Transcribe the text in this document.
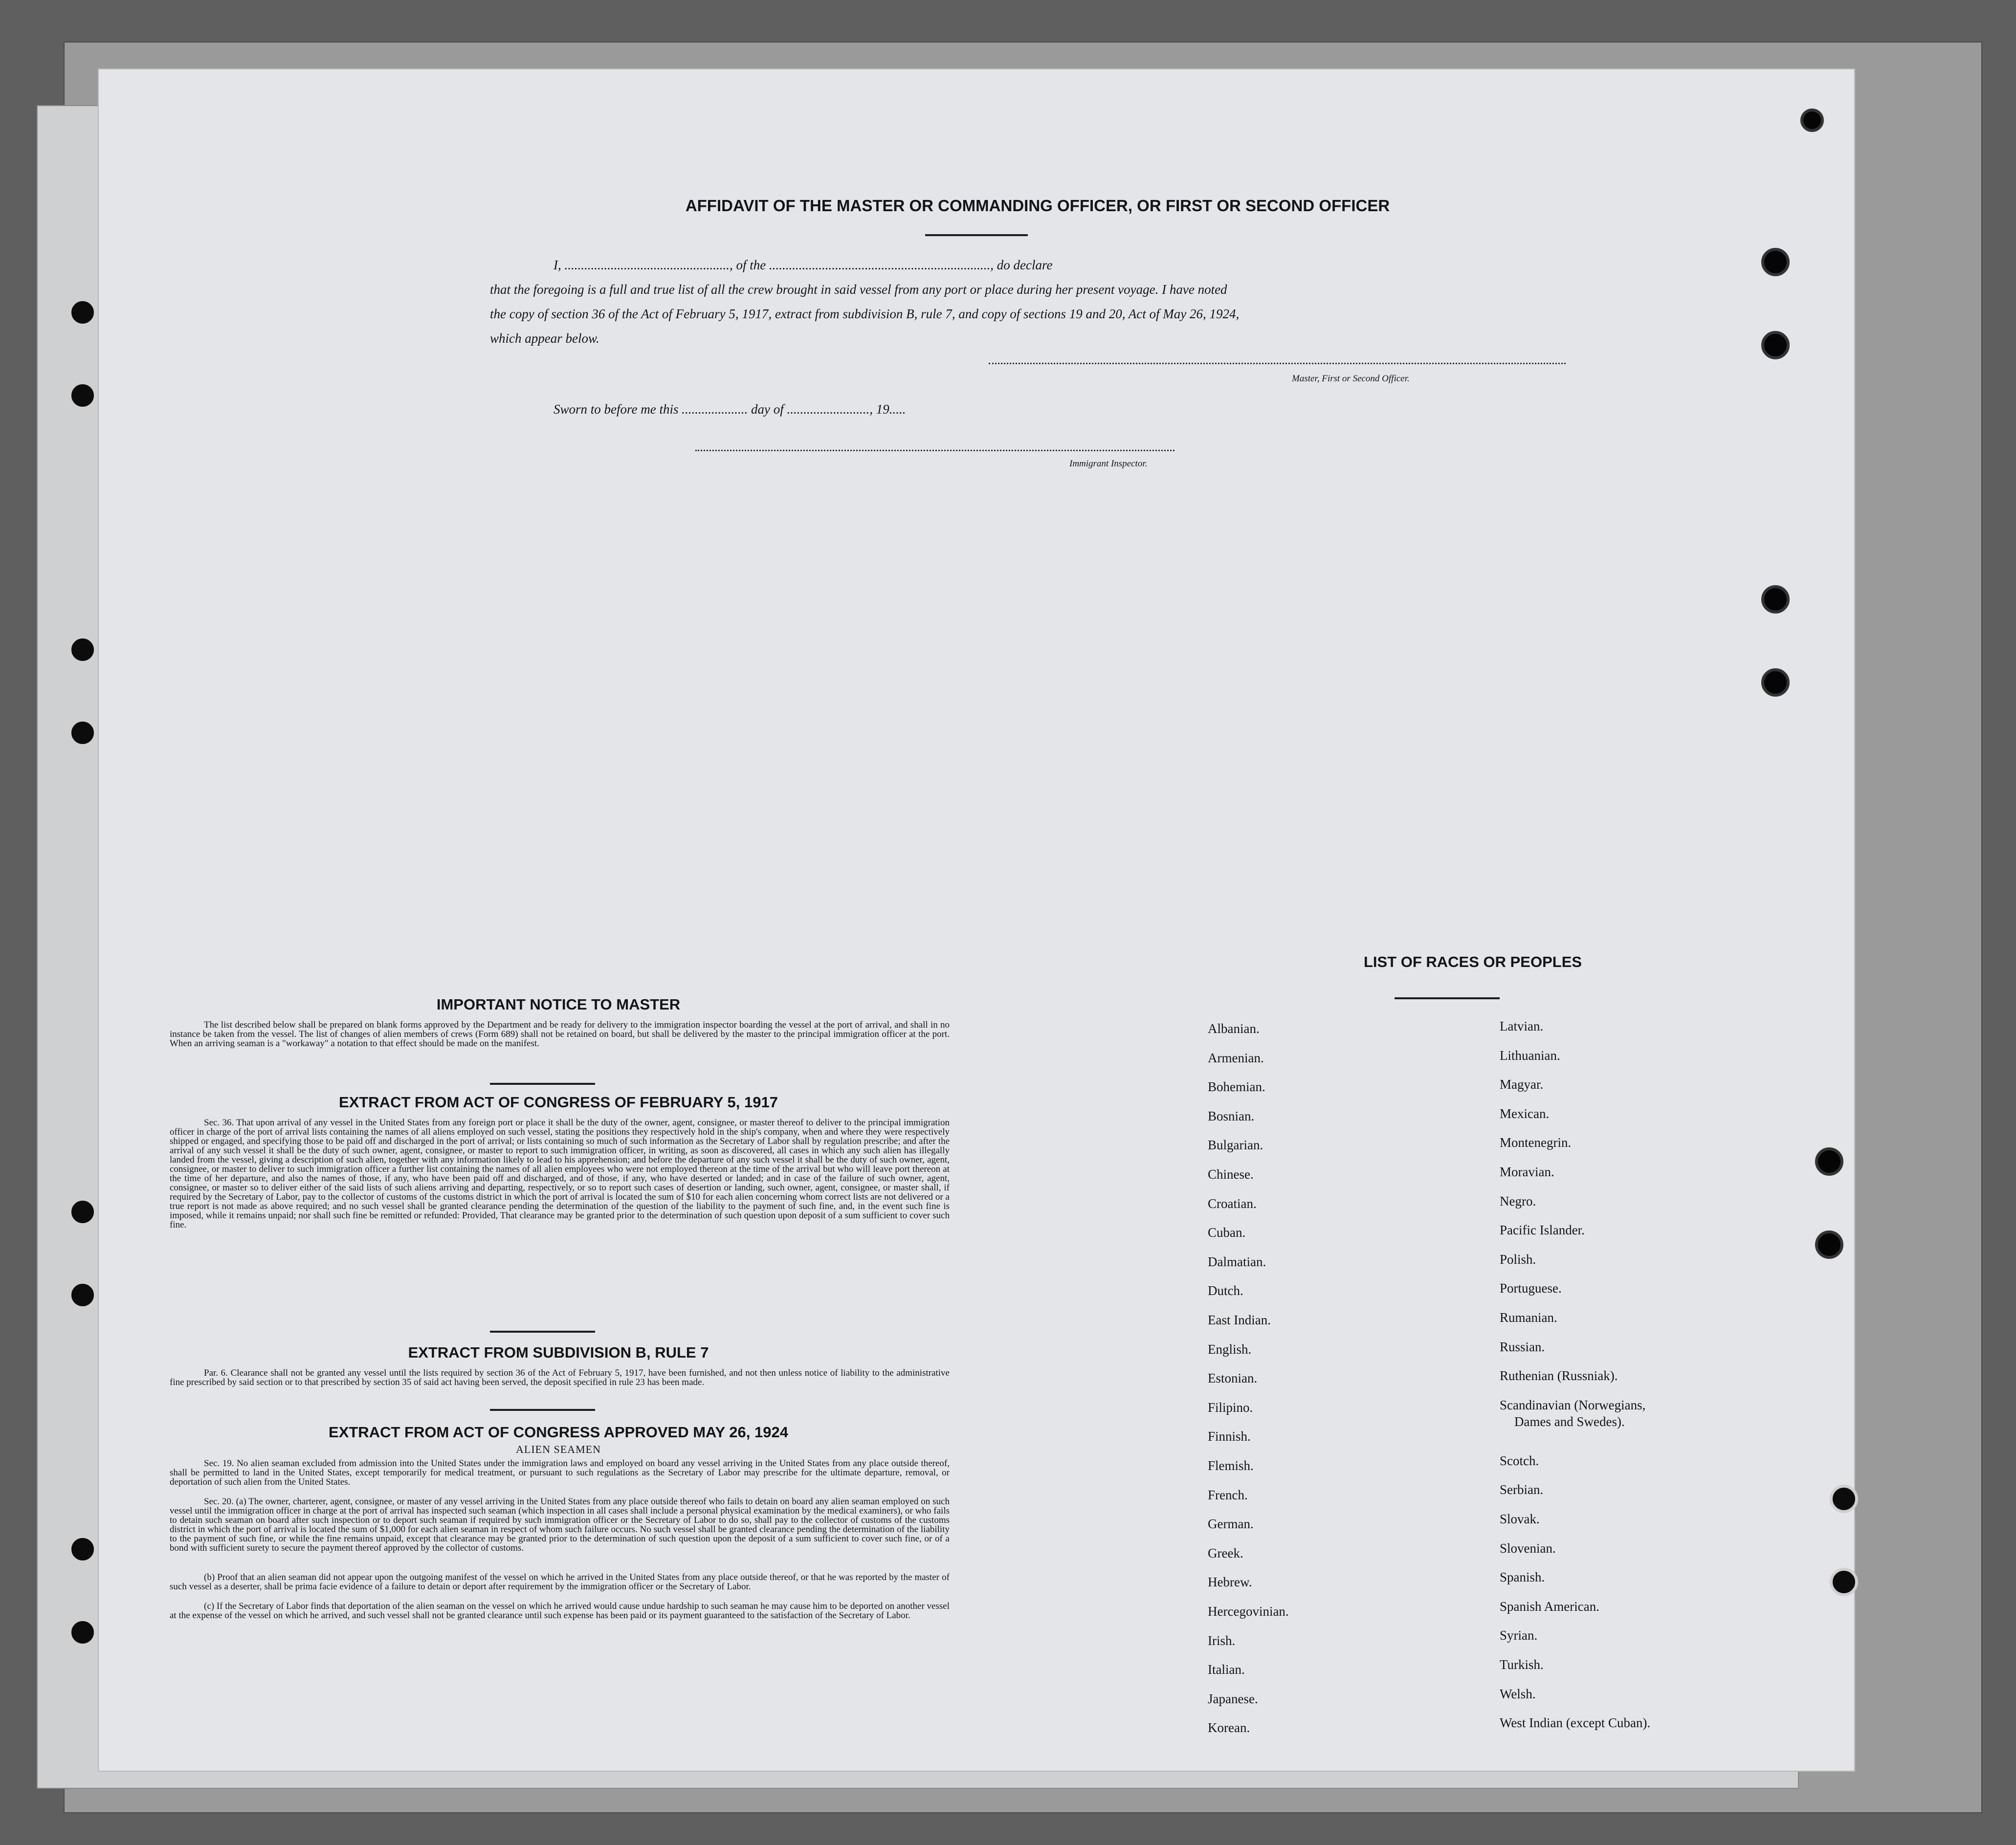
AFFIDAVIT OF THE MASTER OR COMMANDING OFFICER, OR FIRST OR SECOND OFFICER
I, .................................................., of the ..................................................................., do declare
that the foregoing is a full and true list of all the crew brought in said vessel from any port or place during her present voyage. I have noted
the copy of section 36 of the Act of February 5, 1917, extract from subdivision B, rule 7, and copy of sections 19 and 20, Act of May 26, 1924,
which appear below.
Master, First or Second Officer.
Sworn to before me this .................... day of ........................., 19.....
Immigrant Inspector.
IMPORTANT NOTICE TO MASTER

The list described below shall be prepared on blank forms approved by the Department and be ready for delivery to the immigration inspector boarding the vessel at the port of arrival, and shall in no instance be taken from the vessel. The list of changes of alien members of crews (Form 689) shall not be retained on board, but shall be delivered by the master to the principal immigration officer at the port. When an arriving seaman is a "workaway" a notation to that effect should be made on the manifest.

EXTRACT FROM ACT OF CONGRESS OF FEBRUARY 5, 1917

Sec. 36. That upon arrival of any vessel in the United States from any foreign port or place it shall be the duty of the owner, agent, consignee, or master thereof to deliver to the principal immigration officer in charge of the port of arrival lists containing the names of all aliens employed on such vessel, stating the positions they respectively hold in the ship's company, when and where they were respectively shipped or engaged, and specifying those to be paid off and discharged in the port of arrival; or lists containing so much of such information as the Secretary of Labor shall by regulation prescribe; and after the arrival of any such vessel it shall be the duty of such owner, agent, consignee, or master to report to such immigration officer, in writing, as soon as discovered, all cases in which any such alien has illegally landed from the vessel, giving a description of such alien, together with any information likely to lead to his apprehension; and before the departure of any such vessel it shall be the duty of such owner, agent, consignee, or master to deliver to such immigration officer a further list containing the names of all alien employees who were not employed thereon at the time of the arrival but who will leave port thereon at the time of her departure, and also the names of those, if any, who have been paid off and discharged, and of those, if any, who have deserted or landed; and in case of the failure of such owner, agent, consignee, or master so to deliver either of the said lists of such aliens arriving and departing, respectively, or so to report such cases of desertion or landing, such owner, agent, consignee, or master shall, if required by the Secretary of Labor, pay to the collector of customs of the customs district in which the port of arrival is located the sum of $10 for each alien concerning whom correct lists are not delivered or a true report is not made as above required; and no such vessel shall be granted clearance pending the determination of the question of the liability to the payment of such fine, and, in the event such fine is imposed, while it remains unpaid; nor shall such fine be remitted or refunded: Provided, That clearance may be granted prior to the determination of such question upon deposit of a sum sufficient to cover such fine.

EXTRACT FROM SUBDIVISION B, RULE 7

Par. 6. Clearance shall not be granted any vessel until the lists required by section 36 of the Act of February 5, 1917, have been furnished, and not then unless notice of liability to the administrative fine prescribed by said section or to that prescribed by section 35 of said act having been served, the deposit specified in rule 23 has been made.

EXTRACT FROM ACT OF CONGRESS APPROVED MAY 26, 1924
ALIEN SEAMEN

Sec. 19. No alien seaman excluded from admission into the United States under the immigration laws and employed on board any vessel arriving in the United States from any place outside thereof, shall be permitted to land in the United States, except temporarily for medical treatment, or pursuant to such regulations as the Secretary of Labor may prescribe for the ultimate departure, removal, or deportation of such alien from the United States.

Sec. 20. (a) The owner, charterer, agent, consignee, or master of any vessel arriving in the United States from any place outside thereof who fails to detain on board any alien seaman employed on such vessel until the immigration officer in charge at the port of arrival has inspected such seaman (which inspection in all cases shall include a personal physical examination by the medical examiners), or who fails to detain such seaman on board after such inspection or to deport such seaman if required by such immigration officer or the Secretary of Labor to do so, shall pay to the collector of customs of the customs district in which the port of arrival is located the sum of $1,000 for each alien seaman in respect of whom such failure occurs. No such vessel shall be granted clearance pending the determination of the liability to the payment of such fine, or while the fine remains unpaid, except that clearance may be granted prior to the determination of such question upon the deposit of a sum sufficient to cover such fine, or of a bond with sufficient surety to secure the payment thereof approved by the collector of customs.

(b) Proof that an alien seaman did not appear upon the outgoing manifest of the vessel on which he arrived in the United States from any place outside thereof, or that he was reported by the master of such vessel as a deserter, shall be prima facie evidence of a failure to detain or deport after requirement by the immigration officer or the Secretary of Labor.

(c) If the Secretary of Labor finds that deportation of the alien seaman on the vessel on which he arrived would cause undue hardship to such seaman he may cause him to be deported on another vessel at the expense of the vessel on which he arrived, and such vessel shall not be granted clearance until such expense has been paid or its payment guaranteed to the satisfaction of the Secretary of Labor.

LIST OF RACES OR PEOPLES
Albanian.
Armenian.
Bohemian.
Bosnian.
Bulgarian.
Chinese.
Croatian.
Cuban.
Dalmatian.
Dutch.
East Indian.
English.
Estonian.
Filipino.
Finnish.
Flemish.
French.
German.
Greek.
Hebrew.
Hercegovinian.
Irish.
Italian.
Japanese.
Korean.
Latvian.
Lithuanian.
Magyar.
Mexican.
Montenegrin.
Moravian.
Negro.
Pacific Islander.
Polish.
Portuguese.
Rumanian.
Russian.
Ruthenian (Russniak).
Scandinavian (Norwegians,
Dames and Swedes).
Scotch.
Serbian.
Slovak.
Slovenian.
Spanish.
Spanish American.
Syrian.
Turkish.
Welsh.
West Indian (except Cuban).
